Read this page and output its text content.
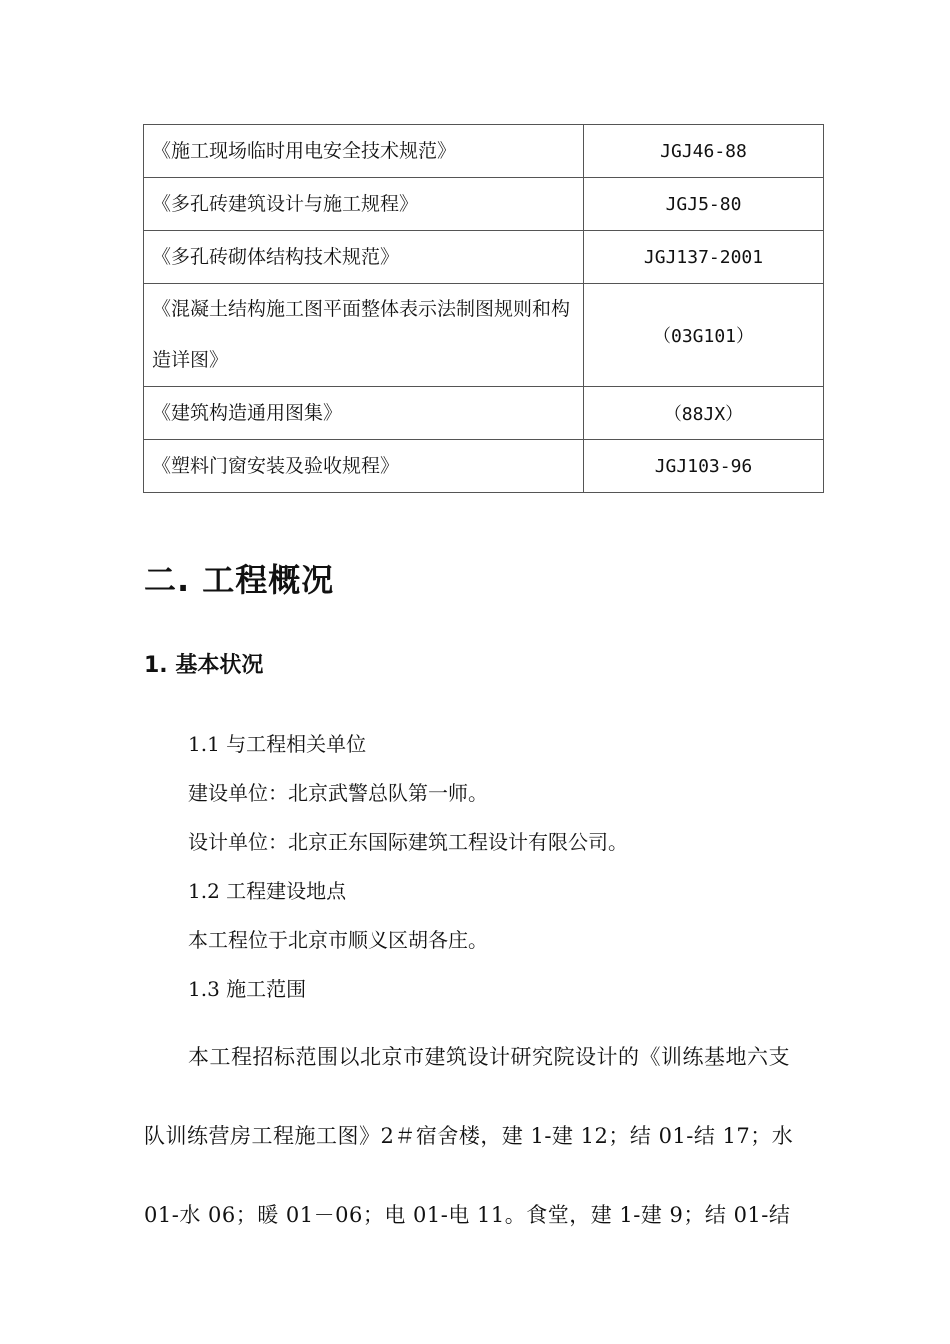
《施工现场临时用电安全技术规范》	JGJ46-88
《多孔砖建筑设计与施工规程》	JGJ5-80
《多孔砖砌体结构技术规范》	JGJ137-2001
《混凝土结构施工图平面整体表示法制图规则和构造详图》	（03G101）
《建筑构造通用图集》	（88JX）
《塑料门窗安装及验收规程》	JGJ103-96
二. 工程概况
1. 基本状况

1.1 与工程相关单位

建设单位：北京武警总队第一师。

设计单位：北京正东国际建筑工程设计有限公司。

1.2 工程建设地点

本工程位于北京市顺义区胡各庄。

1.3 施工范围

本工程招标范围以北京市建筑设计研究院设计的《训练基地六支队训练营房工程施工图》2＃宿舍楼，建 1-建 12；结 01-结 17；水 01-水 06；暖 01－06；电 01-电 11。食堂，建 1-建 9；结 01-结
